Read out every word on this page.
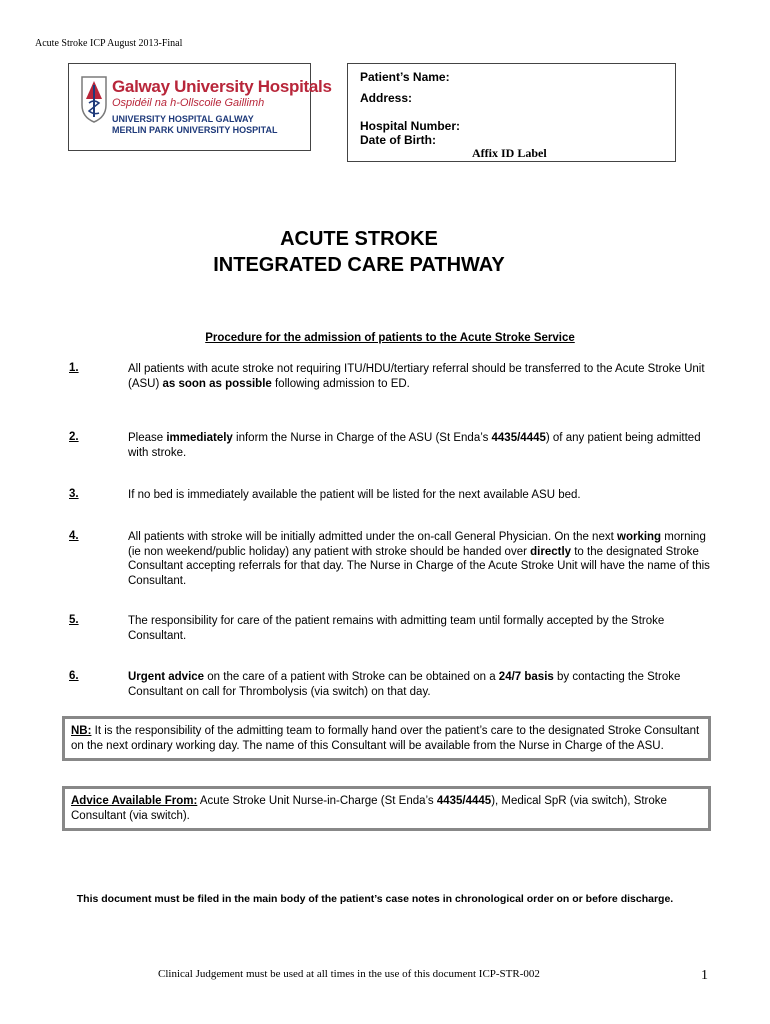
Acute Stroke ICP August 2013-Final
Galway University Hospitals
Ospidéil na h-Ollscoile Gaillimh
UNIVERSITY HOSPITAL GALWAY
MERLIN PARK UNIVERSITY HOSPITAL
Patient’s Name:
Address:
Hospital Number:
Date of Birth:
Affix ID Label
ACUTE STROKE
INTEGRATED CARE PATHWAY
Procedure for the admission of patients to the Acute Stroke Service
1.	All patients with acute stroke not requiring ITU/HDU/tertiary referral should be transferred to the Acute Stroke Unit (ASU) as soon as possible following admission to ED.
2.	Please immediately inform the Nurse in Charge of the ASU (St Enda’s 4435/4445) of any patient being admitted with stroke.
3.	If no bed is immediately available the patient will be listed for the next available ASU bed.
4.	All patients with stroke will be initially admitted under the on-call General Physician. On the next working morning (ie non weekend/public holiday) any patient with stroke should be handed over directly to the designated Stroke Consultant accepting referrals for that day. The Nurse in Charge of the Acute Stroke Unit will have the name of this Consultant.
5.	The responsibility for care of the patient remains with admitting team until formally accepted by the Stroke Consultant.
6.	Urgent advice on the care of a patient with Stroke can be obtained on a 24/7 basis by contacting the Stroke Consultant on call for Thrombolysis (via switch) on that day.
NB: It is the responsibility of the admitting team to formally hand over the patient’s care to the designated Stroke Consultant on the next ordinary working day. The name of this Consultant will be available from the Nurse in Charge of the ASU.
Advice Available From: Acute Stroke Unit Nurse-in-Charge (St Enda’s 4435/4445), Medical SpR (via switch), Stroke Consultant (via switch).
This document must be filed in the main body of the patient’s case notes in chronological order on or before discharge.
Clinical Judgement must be used at all times in the use of this document ICP-STR-002	1
